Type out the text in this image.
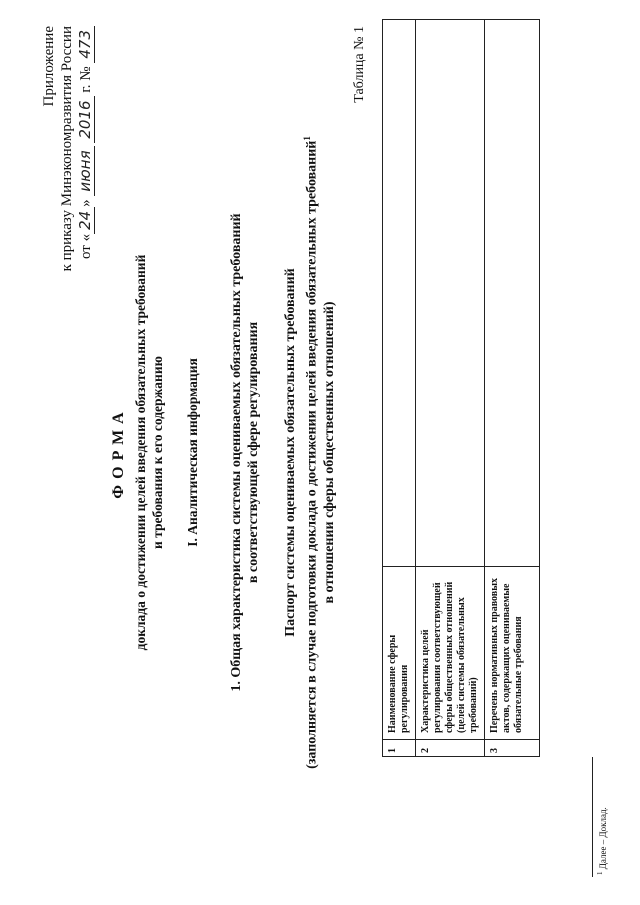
Приложение к приказу Минэкономразвития России от «24» июня 2016 г. № 473
ФОРМА доклада о достижении целей введения обязательных требований и требования к его содержанию I. Аналитическая информация 1. Общая характеристика системы оцениваемых обязательных требований в соответствующей сфере регулирования Паспорт системы оцениваемых обязательных требований (заполняется в случае подготовки доклада о достижении целей введения обязательных требований$^1$
в отношении сферы общественных отношений)
Таблица № 1
1	Наименование сферы регулирования	
2	Характеристика целей регулирования соответствующей сферы общественных отношений (целей системы обязательных требований)	
3	Перечень нормативных правовых актов, содержащих оцениваемые обязательные требования	
$^1$ Далее – Доклад.
